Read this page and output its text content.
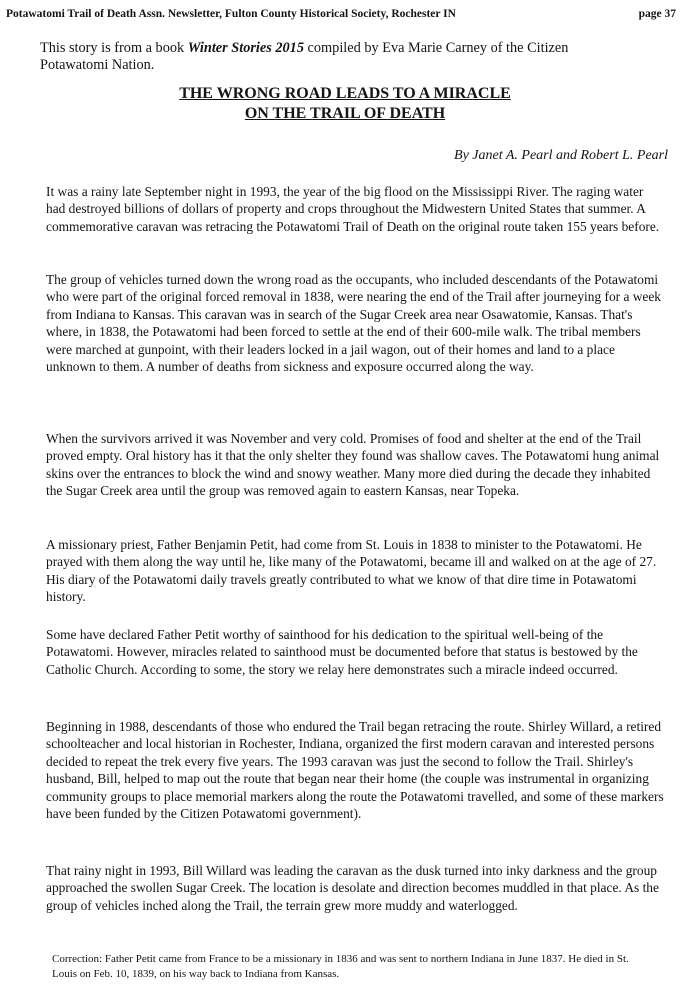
Potawatomi Trail of Death Assn. Newsletter, Fulton County Historical Society, Rochester IN	page 37
This story is from a book Winter Stories 2015 compiled by Eva Marie Carney of the Citizen Potawatomi Nation.
THE WRONG ROAD LEADS TO A MIRACLE
ON THE TRAIL OF DEATH
By Janet A. Pearl and Robert L. Pearl

It was a rainy late September night in 1993, the year of the big flood on the Mississippi River. The raging water had destroyed billions of dollars of property and crops throughout the Midwestern United States that summer. A commemorative caravan was retracing the Potawatomi Trail of Death on the original route taken 155 years before.

The group of vehicles turned down the wrong road as the occupants, who included descendants of the Potawatomi who were part of the original forced removal in 1838, were nearing the end of the Trail after journeying for a week from Indiana to Kansas. This caravan was in search of the Sugar Creek area near Osawatomie, Kansas. That's where, in 1838, the Potawatomi had been forced to settle at the end of their 600-mile walk. The tribal members were marched at gunpoint, with their leaders locked in a jail wagon, out of their homes and land to a place unknown to them. A number of deaths from sickness and exposure occurred along the way.

When the survivors arrived it was November and very cold. Promises of food and shelter at the end of the Trail proved empty. Oral history has it that the only shelter they found was shallow caves. The Potawatomi hung animal skins over the entrances to block the wind and snowy weather. Many more died during the decade they inhabited the Sugar Creek area until the group was removed again to eastern Kansas, near Topeka.

A missionary priest, Father Benjamin Petit, had come from St. Louis in 1838 to minister to the Potawatomi. He prayed with them along the way until he, like many of the Potawatomi, became ill and walked on at the age of 27. His diary of the Potawatomi daily travels greatly contributed to what we know of that dire time in Potawatomi history.

Some have declared Father Petit worthy of sainthood for his dedication to the spiritual well-being of the Potawatomi. However, miracles related to sainthood must be documented before that status is bestowed by the Catholic Church. According to some, the story we relay here demonstrates such a miracle indeed occurred.

Beginning in 1988, descendants of those who endured the Trail began retracing the route. Shirley Willard, a retired schoolteacher and local historian in Rochester, Indiana, organized the first modern caravan and interested persons decided to repeat the trek every five years. The 1993 caravan was just the second to follow the Trail. Shirley's husband, Bill, helped to map out the route that began near their home (the couple was instrumental in organizing community groups to place memorial markers along the route the Potawatomi travelled, and some of these markers have been funded by the Citizen Potawatomi government).

That rainy night in 1993, Bill Willard was leading the caravan as the dusk turned into inky darkness and the group approached the swollen Sugar Creek. The location is desolate and direction becomes muddled in that place. As the group of vehicles inched along the Trail, the terrain grew more muddy and waterlogged.

Correction: Father Petit came from France to be a missionary in 1836 and was sent to northern Indiana in June 1837. He died in St. Louis on Feb. 10, 1839, on his way back to Indiana from Kansas.
